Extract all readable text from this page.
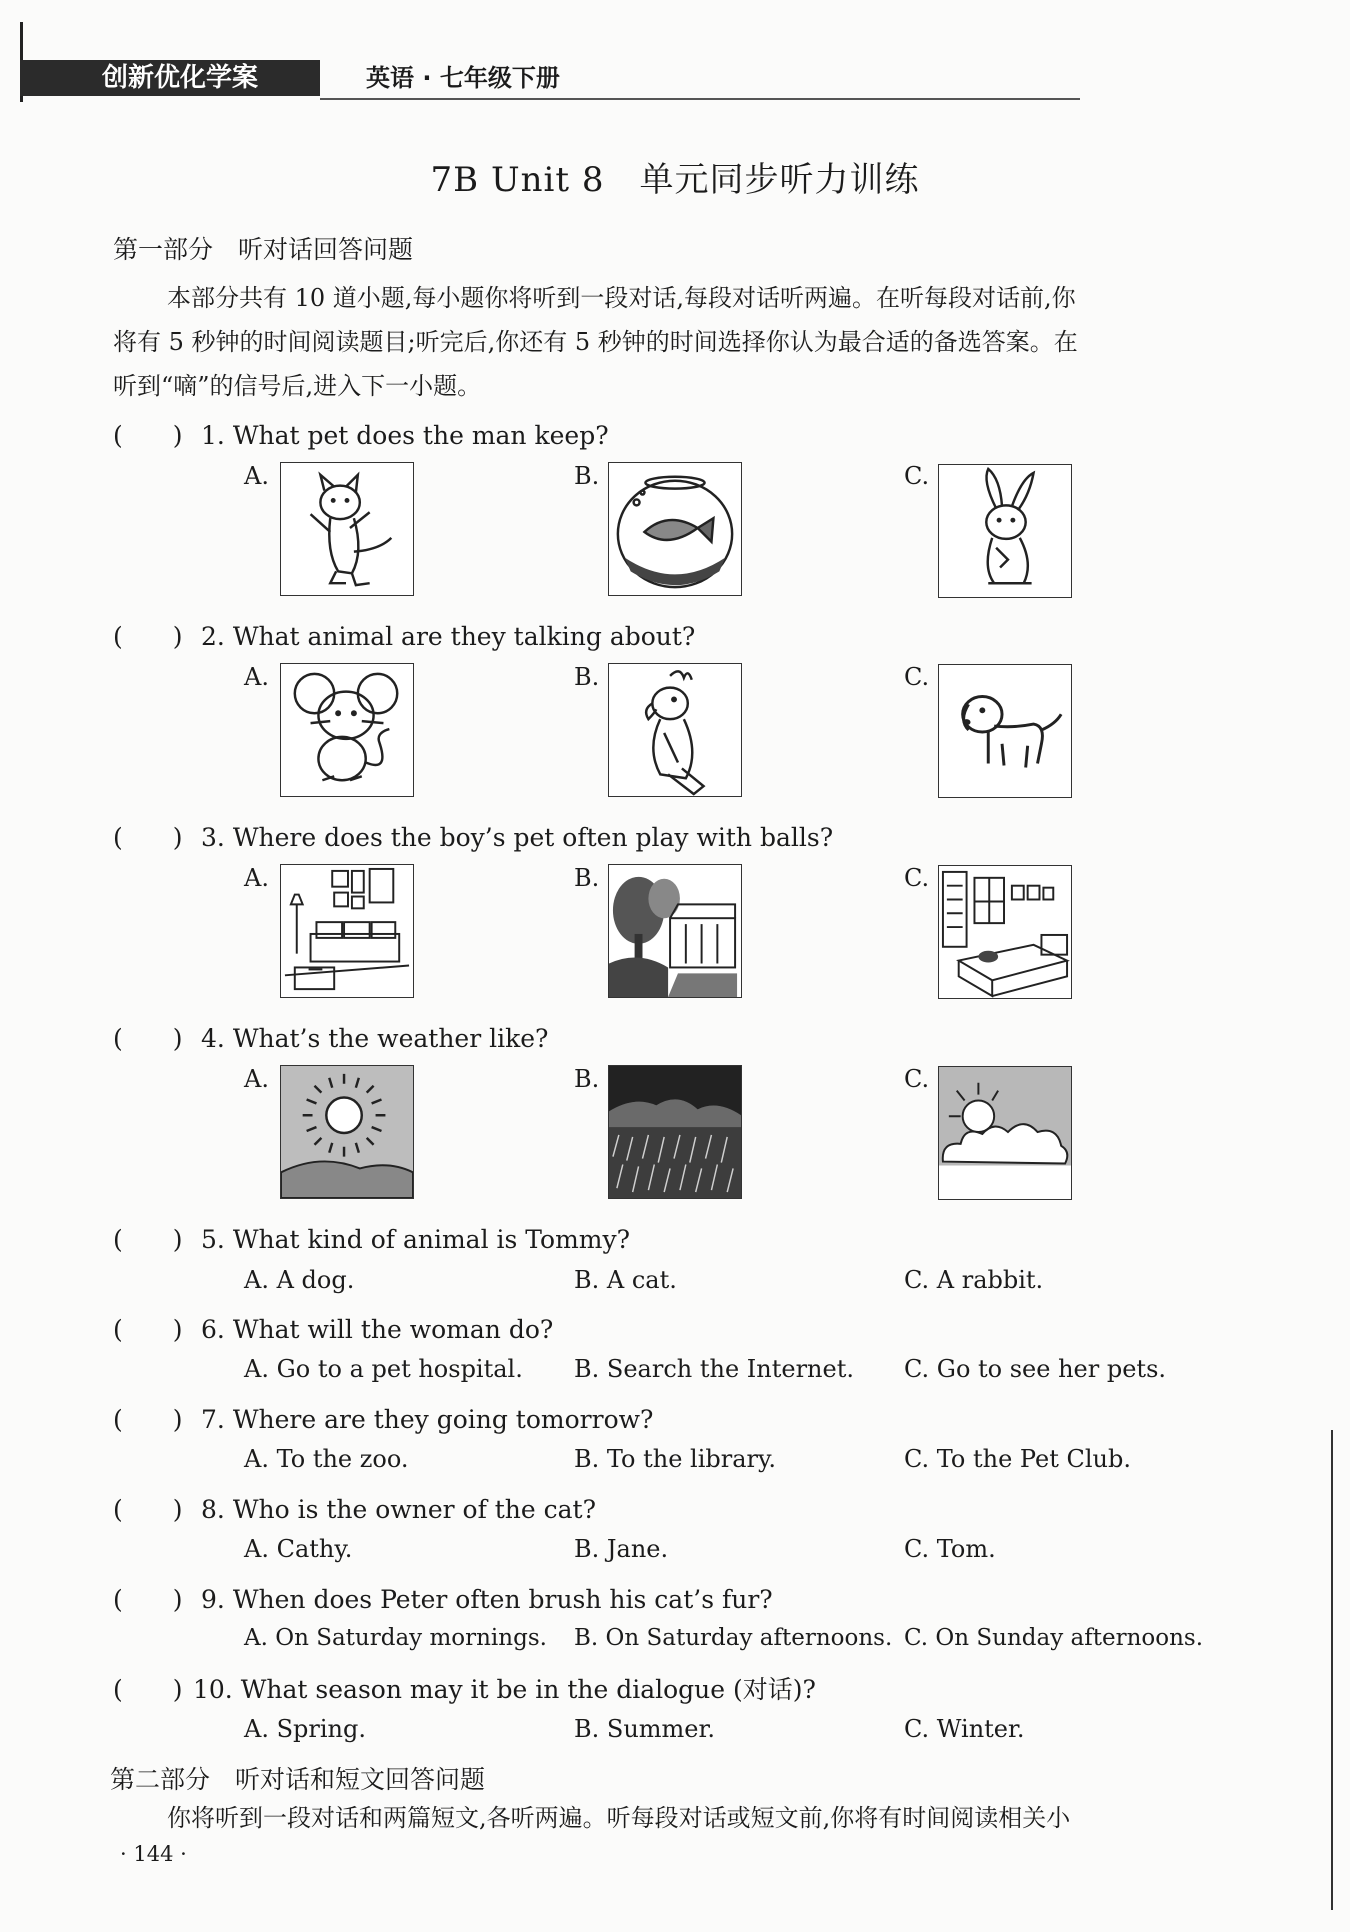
创新优化学案	英语 · 七年级下册
7B Unit 8　单元同步听力训练
第一部分　听对话回答问题

本部分共有 10 道小题,每小题你将听到一段对话,每段对话听两遍。在听每段对话前,你

将有 5 秒钟的时间阅读题目;听完后,你还有 5 秒钟的时间选择你认为最合适的备选答案。在

听到“嘀”的信号后,进入下一小题。

(　　) 1. What pet does the man keep?
A.	B.	C.
(　　) 2. What animal are they talking about?
A.	B.	C.
(　　) 3. Where does the boy’s pet often play with balls?
A.	B.	C.
(　　) 4. What’s the weather like?
A.	B.	C.
(　　) 5. What kind of animal is Tommy?
A. A dog.	B. A cat.	C. A rabbit.
(　　) 6. What will the woman do?
A. Go to a pet hospital. B. Search the Internet. C. Go to see her pets.
(　　) 7. Where are they going tomorrow?
A. To the zoo.	B. To the library.	C. To the Pet Club.
(　　) 8. Who is the owner of the cat?
A. Cathy.	B. Jane.	C. Tom.
(　　) 9. When does Peter often brush his cat’s fur?
A. On Saturday mornings. B. On Saturday afternoons. C. On Sunday afternoons.
(　　) 10. What season may it be in the dialogue (对话)?
A. Spring.	B. Summer.	C. Winter.
第二部分　听对话和短文回答问题

你将听到一段对话和两篇短文,各听两遍。听每段对话或短文前,你将有时间阅读相关小

· 144 ·
